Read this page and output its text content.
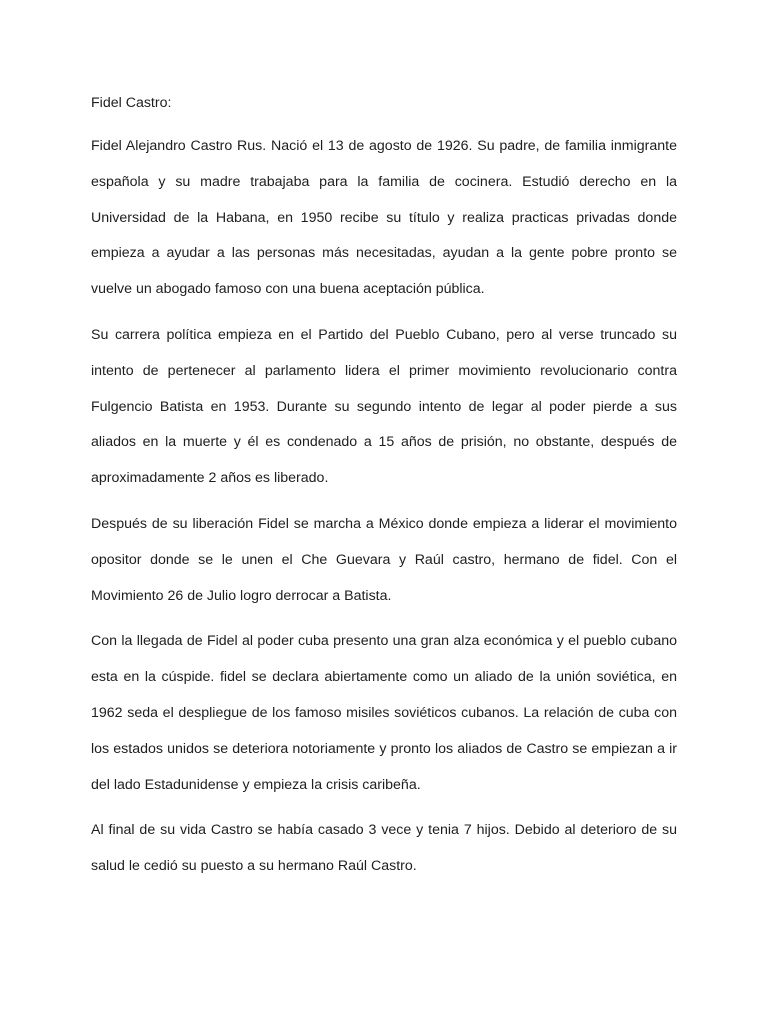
Fidel Castro:

Fidel Alejandro Castro Rus. Nació el 13 de agosto de 1926. Su padre, de familia inmigrante española y su madre trabajaba para la familia de cocinera. Estudió derecho en la Universidad de la Habana, en 1950 recibe su título y realiza practicas privadas donde empieza a ayudar a las personas más necesitadas, ayudan a la gente pobre pronto se vuelve un abogado famoso con una buena aceptación pública.

Su carrera política empieza en el Partido del Pueblo Cubano, pero al verse truncado su intento de pertenecer al parlamento lidera el primer movimiento revolucionario contra Fulgencio Batista en 1953. Durante su segundo intento de legar al poder pierde a sus aliados en la muerte y él es condenado a 15 años de prisión, no obstante, después de aproximadamente 2 años es liberado.

Después de su liberación Fidel se marcha a México donde empieza a liderar el movimiento opositor donde se le unen el Che Guevara y Raúl castro, hermano de fidel. Con el Movimiento 26 de Julio logro derrocar a Batista.

Con la llegada de Fidel al poder cuba presento una gran alza económica y el pueblo cubano esta en la cúspide. fidel se declara abiertamente como un aliado de la unión soviética, en 1962 seda el despliegue de los famoso misiles soviéticos cubanos. La relación de cuba con los estados unidos se deteriora notoriamente y pronto los aliados de Castro se empiezan a ir del lado Estadunidense y empieza la crisis caribeña.

Al final de su vida Castro se había casado 3 vece y tenia 7 hijos. Debido al deterioro de su salud le cedió su puesto a su hermano Raúl Castro.
